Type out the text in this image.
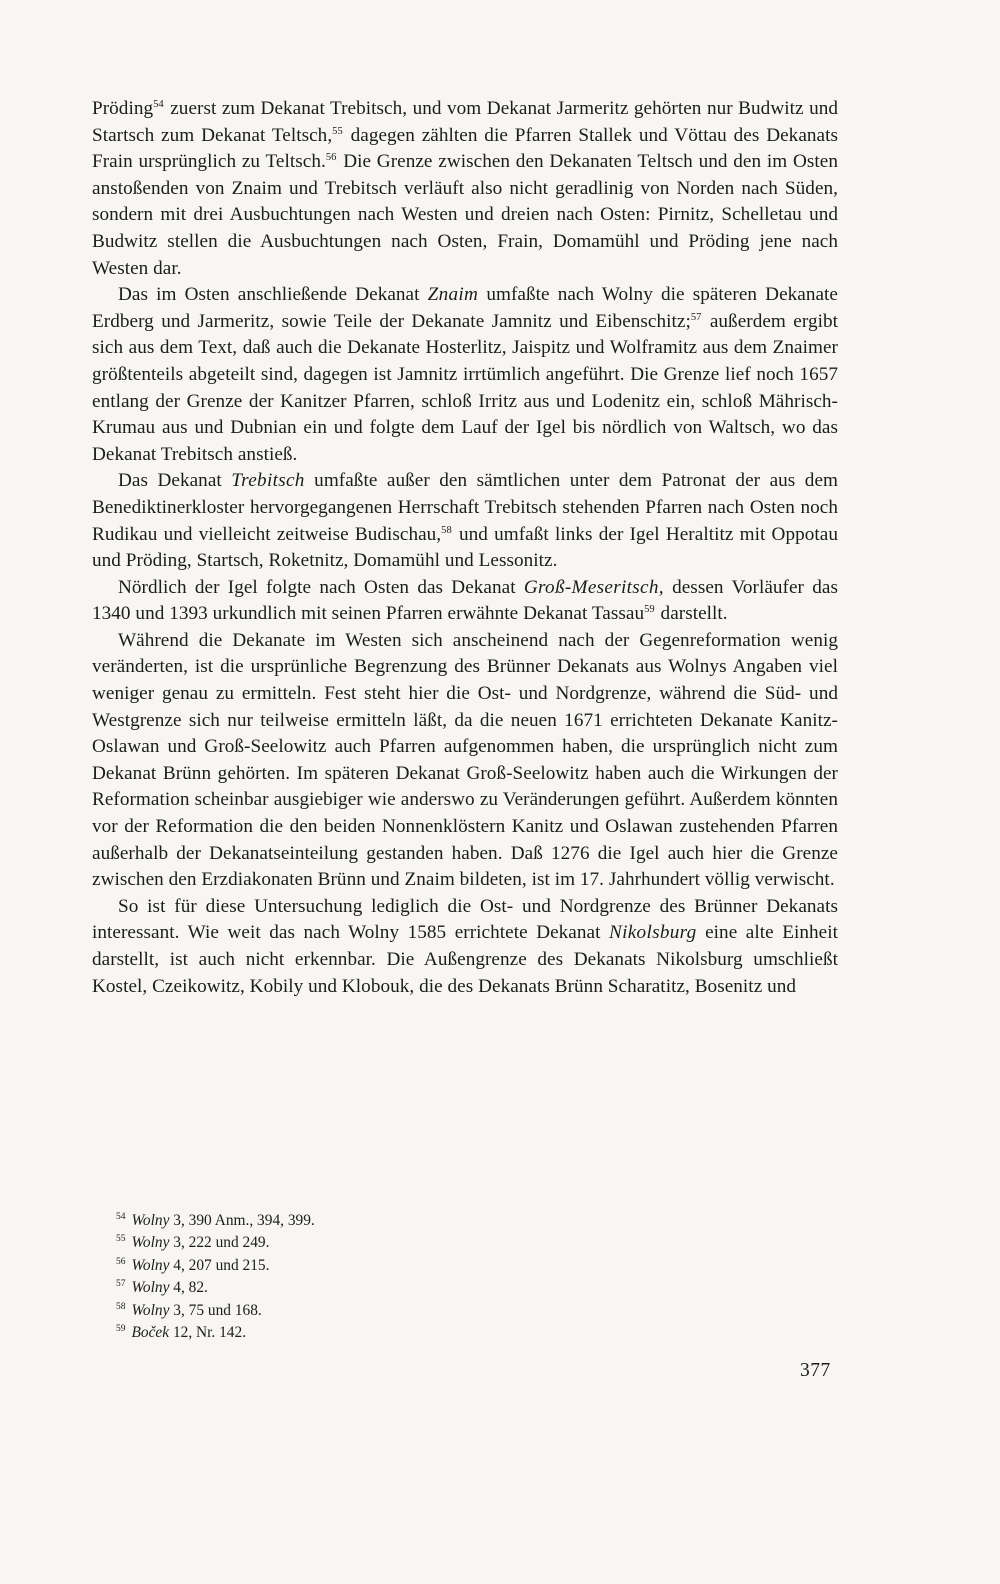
Pröding$^{54}$ zuerst zum Dekanat Trebitsch, und vom Dekanat Jarmeritz gehörten nur Budwitz und Startsch zum Dekanat Teltsch,$^{55}$ dagegen zählten die Pfarren Stallek und Vöttau des Dekanats Frain ursprünglich zu Teltsch.$^{56}$ Die Grenze zwischen den Dekanaten Teltsch und den im Osten anstoßenden von Znaim und Trebitsch verläuft also nicht geradlinig von Norden nach Süden, sondern mit drei Ausbuchtungen nach Westen und dreien nach Osten: Pirnitz, Schelletau und Budwitz stellen die Ausbuchtungen nach Osten, Frain, Domamühl und Pröding jene nach Westen dar.

Das im Osten anschließende Dekanat Znaim umfaßte nach Wolny die späteren Dekanate Erdberg und Jarmeritz, sowie Teile der Dekanate Jamnitz und Eibenschitz;$^{57}$ außerdem ergibt sich aus dem Text, daß auch die Dekanate Hosterlitz, Jaispitz und Wolframitz aus dem Znaimer größtenteils abgeteilt sind, dagegen ist Jamnitz irrtümlich angeführt. Die Grenze lief noch 1657 entlang der Grenze der Kanitzer Pfarren, schloß Irritz aus und Lodenitz ein, schloß Mährisch-Krumau aus und Dubnian ein und folgte dem Lauf der Igel bis nördlich von Waltsch, wo das Dekanat Trebitsch anstieß.

Das Dekanat Trebitsch umfaßte außer den sämtlichen unter dem Patronat der aus dem Benediktinerkloster hervorgegangenen Herrschaft Trebitsch stehenden Pfarren nach Osten noch Rudikau und vielleicht zeitweise Budischau,$^{58}$ und umfaßt links der Igel Heraltitz mit Oppotau und Pröding, Startsch, Roketnitz, Domamühl und Lessonitz.

Nördlich der Igel folgte nach Osten das Dekanat Groß-Meseritsch, dessen Vorläufer das 1340 und 1393 urkundlich mit seinen Pfarren erwähnte Dekanat Tassau$^{59}$ darstellt.

Während die Dekanate im Westen sich anscheinend nach der Gegenreformation wenig veränderten, ist die ursprünliche Begrenzung des Brünner Dekanats aus Wolnys Angaben viel weniger genau zu ermitteln. Fest steht hier die Ost- und Nordgrenze, während die Süd- und Westgrenze sich nur teilweise ermitteln läßt, da die neuen 1671 errichteten Dekanate Kanitz-Oslawan und Groß-Seelowitz auch Pfarren aufgenommen haben, die ursprünglich nicht zum Dekanat Brünn gehörten. Im späteren Dekanat Groß-Seelowitz haben auch die Wirkungen der Reformation scheinbar ausgiebiger wie anderswo zu Veränderungen geführt. Außerdem könnten vor der Reformation die den beiden Nonnenklöstern Kanitz und Oslawan zustehenden Pfarren außerhalb der Dekanatseinteilung gestanden haben. Daß 1276 die Igel auch hier die Grenze zwischen den Erzdiakonaten Brünn und Znaim bildeten, ist im 17. Jahrhundert völlig verwischt.

So ist für diese Untersuchung lediglich die Ost- und Nordgrenze des Brünner Dekanats interessant. Wie weit das nach Wolny 1585 errichtete Dekanat Nikolsburg eine alte Einheit darstellt, ist auch nicht erkennbar. Die Außengrenze des Dekanats Nikolsburg umschließt Kostel, Czeikowitz, Kobily und Klobouk, die des Dekanats Brünn Scharatitz, Bosenitz und

$^{54}$ Wolny 3, 390 Anm., 394, 399.
$^{55}$ Wolny 3, 222 und 249.
$^{56}$ Wolny 4, 207 und 215.
$^{57}$ Wolny 4, 82.
$^{58}$ Wolny 3, 75 und 168.
$^{59}$ Boček 12, Nr. 142.
377
